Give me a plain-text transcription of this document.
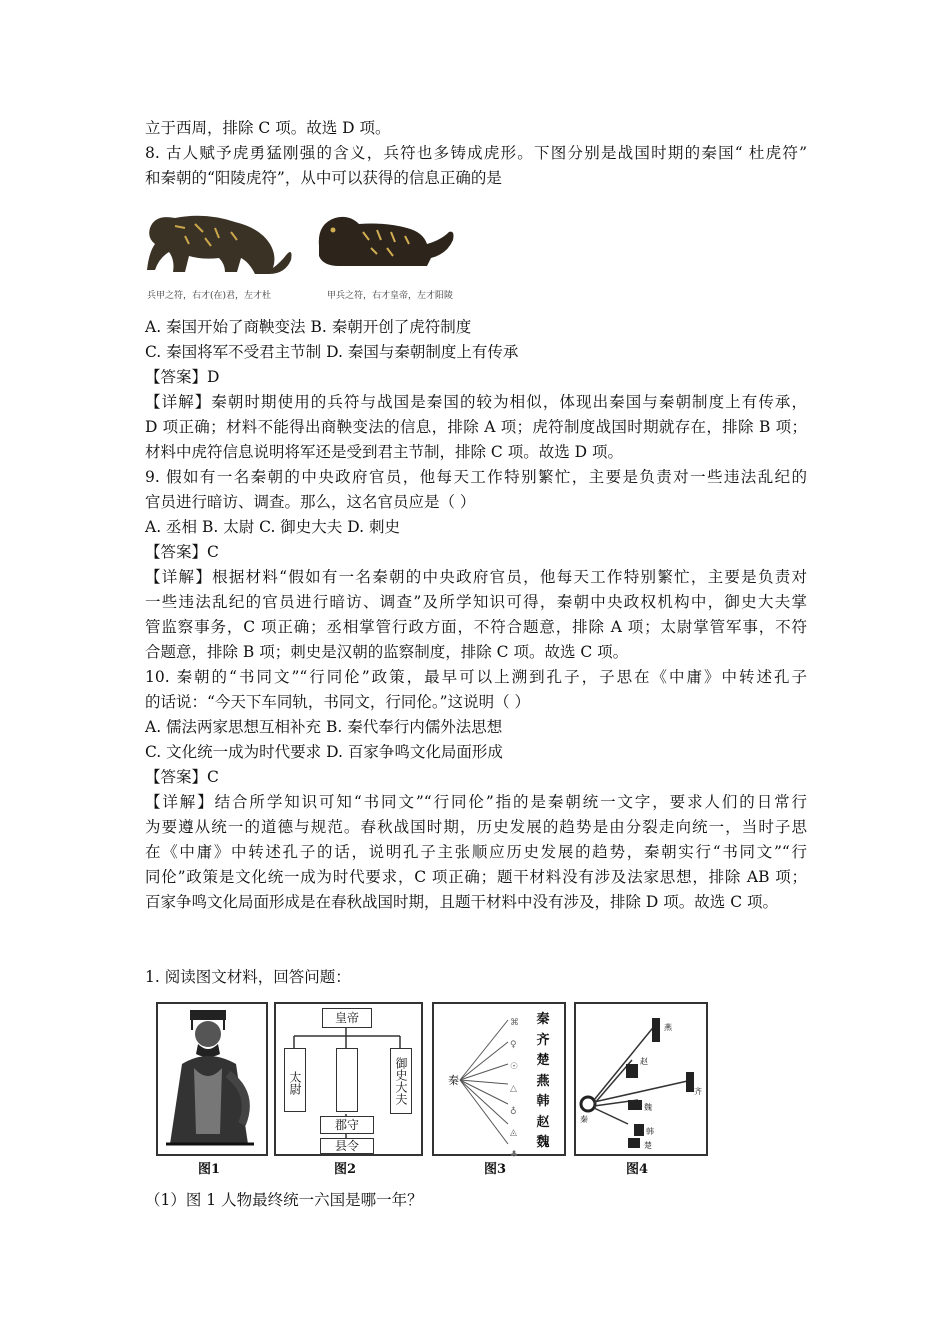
立于西周，排除 C 项。故选 D 项。
8. 古人赋予虎勇猛刚强的含义，兵符也多铸成虎形。下图分别是战国时期的秦国“ 杜虎符”
和秦朝的“阳陵虎符”，从中可以获得的信息正确的是
兵甲之符，右才(在)君，左才杜	甲兵之符，右才皇帝，左才阳陵
A. 秦国开始了商鞅变法 B. 秦朝开创了虎符制度
C. 秦国将军不受君主节制 D. 秦国与秦朝制度上有传承
【答案】D
【详解】秦朝时期使用的兵符与战国是秦国的较为相似，体现出秦国与秦朝制度上有传承，
D 项正确；材料不能得出商鞅变法的信息，排除 A 项；虎符制度战国时期就存在，排除 B 项；
材料中虎符信息说明将军还是受到君主节制，排除 C 项。故选 D 项。
9. 假如有一名秦朝的中央政府官员，他每天工作特别繁忙，主要是负责对一些违法乱纪的
官员进行暗访、调查。那么，这名官员应是（ ）
A. 丞相 B. 太尉 C. 御史大夫 D. 刺史
【答案】C
【详解】根据材料“假如有一名秦朝的中央政府官员，他每天工作特别繁忙，主要是负责对
一些违法乱纪的官员进行暗访、调查”及所学知识可得，秦朝中央政权机构中，御史大夫掌
管监察事务，C 项正确；丞相掌管行政方面，不符合题意，排除 A 项；太尉掌管军事，不符
合题意，排除 B 项；刺史是汉朝的监察制度，排除 C 项。故选 C 项。
10. 秦朝的“书同文”“行同伦”政策，最早可以上溯到孔子，子思在《中庸》中转述孔子
的话说：“今天下车同轨，书同文，行同伦。”这说明（ ）
A. 儒法两家思想互相补充 B. 秦代奉行内儒外法思想
C. 文化统一成为时代要求 D. 百家争鸣文化局面形成
【答案】C
【详解】结合所学知识可知“书同文”“行同伦”指的是秦朝统一文字，要求人们的日常行
为要遵从统一的道德与规范。春秋战国时期，历史发展的趋势是由分裂走向统一，当时子思
在《中庸》中转述孔子的话，说明孔子主张顺应历史发展的趋势，秦朝实行“书同文”“行
同伦”政策是文化统一成为时代要求，C 项正确；题干材料没有涉及法家思想，排除 AB 项；
百家争鸣文化局面形成是在春秋战国时期，且题干材料中没有涉及，排除 D 项。故选 C 项。
1. 阅读图文材料，回答问题：
图1
皇帝
太尉	御史大夫
郡守
县令
图2
秦
⌘
♀
☉
△
♁
◬
♣
秦
齐
楚
燕
韩
赵
魏
图3
燕
赵
齐
魏
韩
楚
秦
图4
（1）图 1 人物最终统一六国是哪一年？
